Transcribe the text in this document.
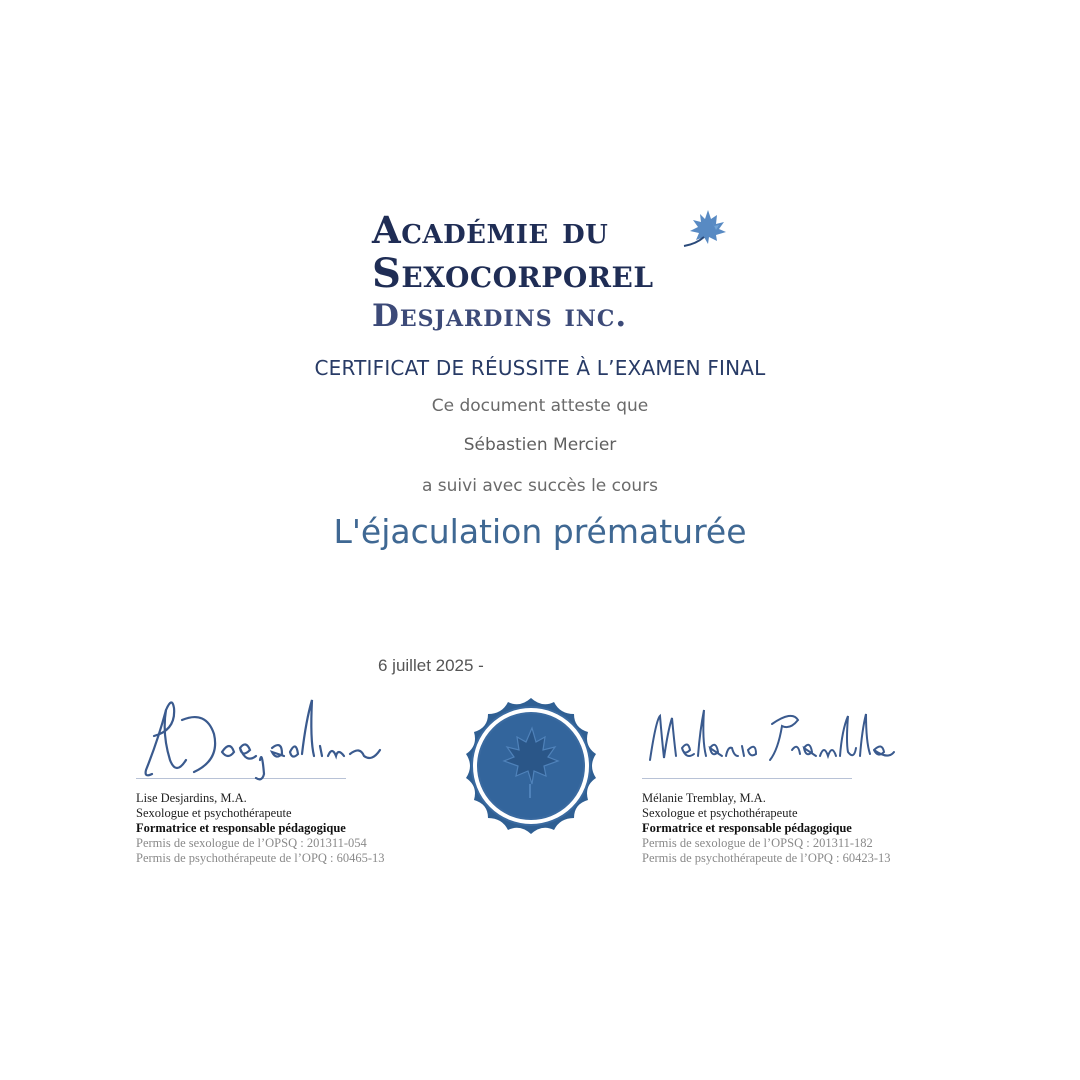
Académie du
Sexocorporel
Desjardins inc.
CERTIFICAT DE RÉUSSITE À L’EXAMEN FINAL
Ce document atteste que
Sébastien Mercier
a suivi avec succès le cours
L'éjaculation prématurée
6 juillet 2025 -
Lise Desjardins, M.A.
Sexologue et psychothérapeute
Formatrice et responsable pédagogique
Permis de sexologue de l’OPSQ : 201311-054
Permis de psychothérapeute de l’OPQ : 60465-13
Mélanie Tremblay, M.A.
Sexologue et psychothérapeute
Formatrice et responsable pédagogique
Permis de sexologue de l’OPSQ : 201311-182
Permis de psychothérapeute de l’OPQ : 60423-13
